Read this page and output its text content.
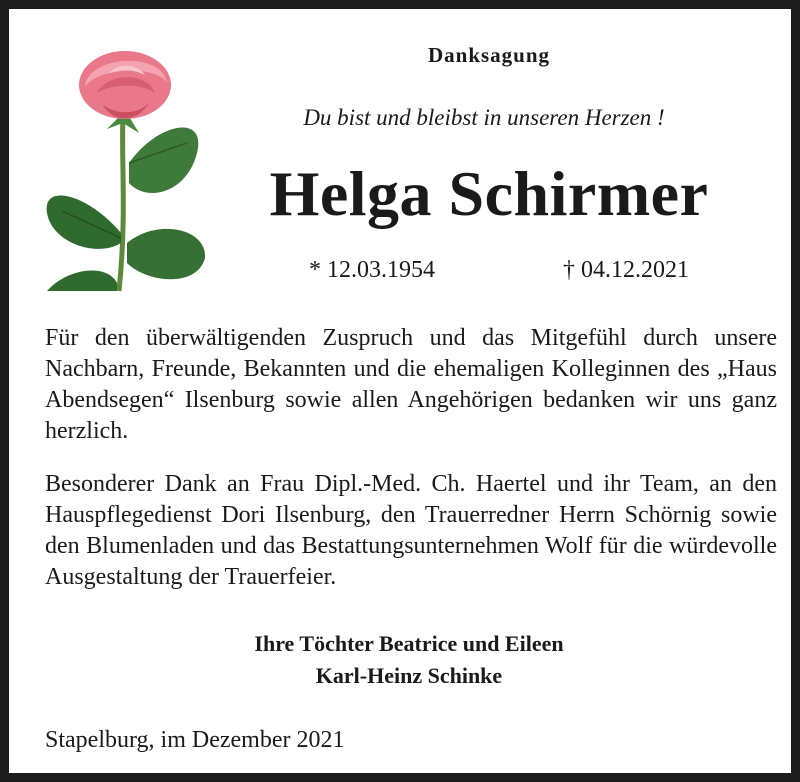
Danksagung
Du bist und bleibst in unseren Herzen !
Helga Schirmer
* 12.03.1954	† 04.12.2021
Für den überwältigenden Zuspruch und das Mitgefühl durch unsere Nachbarn, Freunde, Bekannten und die ehemaligen Kolleginnen des „Haus Abendsegen“ Ilsenburg sowie allen Angehörigen bedanken wir uns ganz herzlich.
Besonderer Dank an Frau Dipl.-Med. Ch. Haertel und ihr Team, an den Hauspflegedienst Dori Ilsenburg, den Trauerredner Herrn Schörnig sowie den Blumenladen und das Bestattungsunternehmen Wolf für die würdevolle Ausgestaltung der Trauerfeier.
Ihre Töchter Beatrice und Eileen
Karl-Heinz Schinke
Stapelburg, im Dezember 2021
